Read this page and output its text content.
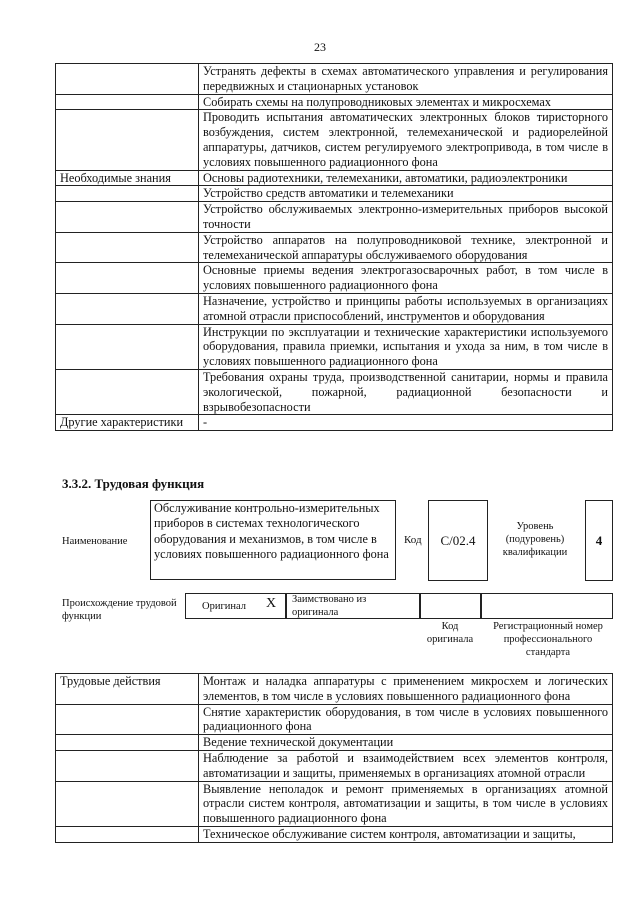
23
	Устранять дефекты в схемах автоматического управления и регулирования передвижных и стационарных установок
	Собирать схемы на полупроводниковых элементах и микросхемах
	Проводить испытания автоматических электронных блоков тиристорного возбуждения, систем электронной, телемеханической и радиорелейной аппаратуры, датчиков, систем регулируемого электропривода, в том числе в условиях повышенного радиационного фона
Необходимые знания	Основы радиотехники, телемеханики, автоматики, радиоэлектроники
	Устройство средств автоматики и телемеханики
	Устройство обслуживаемых электронно-измерительных приборов высокой точности
	Устройство аппаратов на полупроводниковой технике, электронной и телемеханической аппаратуры обслуживаемого оборудования
	Основные приемы ведения электрогазосварочных работ, в том числе в условиях повышенного радиационного фона
	Назначение, устройство и принципы работы используемых в организациях атомной отрасли приспособлений, инструментов и оборудования
	Инструкции по эксплуатации и технические характеристики используемого оборудования, правила приемки, испытания и ухода за ним, в том числе в условиях повышенного радиационного фона
	Требования охраны труда, производственной санитарии, нормы и правила экологической, пожарной, радиационной безопасности и взрывобезопасности
Другие характеристики	-
3.3.2. Трудовая функция
Наименование
Обслуживание контрольно-измерительных приборов в системах технологического оборудования и механизмов, в том числе в условиях повышенного радиационного фона
Код	C/02.4
Уровень (подуровень) квалификации
4
Происхождение трудовой функции
Оригинал X Заимствовано из оригинала
Код оригинала
Регистрационный номер профессионального стандарта
Трудовые действия	Монтаж и наладка аппаратуры с применением микросхем и логических элементов, в том числе в условиях повышенного радиационного фона
	Снятие характеристик оборудования, в том числе в условиях повышенного радиационного фона
	Ведение технической документации
	Наблюдение за работой и взаимодействием всех элементов контроля, автоматизации и защиты, применяемых в организациях атомной отрасли
	Выявление неполадок и ремонт применяемых в организациях атомной отрасли систем контроля, автоматизации и защиты, в том числе в условиях повышенного радиационного фона
	Техническое обслуживание систем контроля, автоматизации и защиты,
